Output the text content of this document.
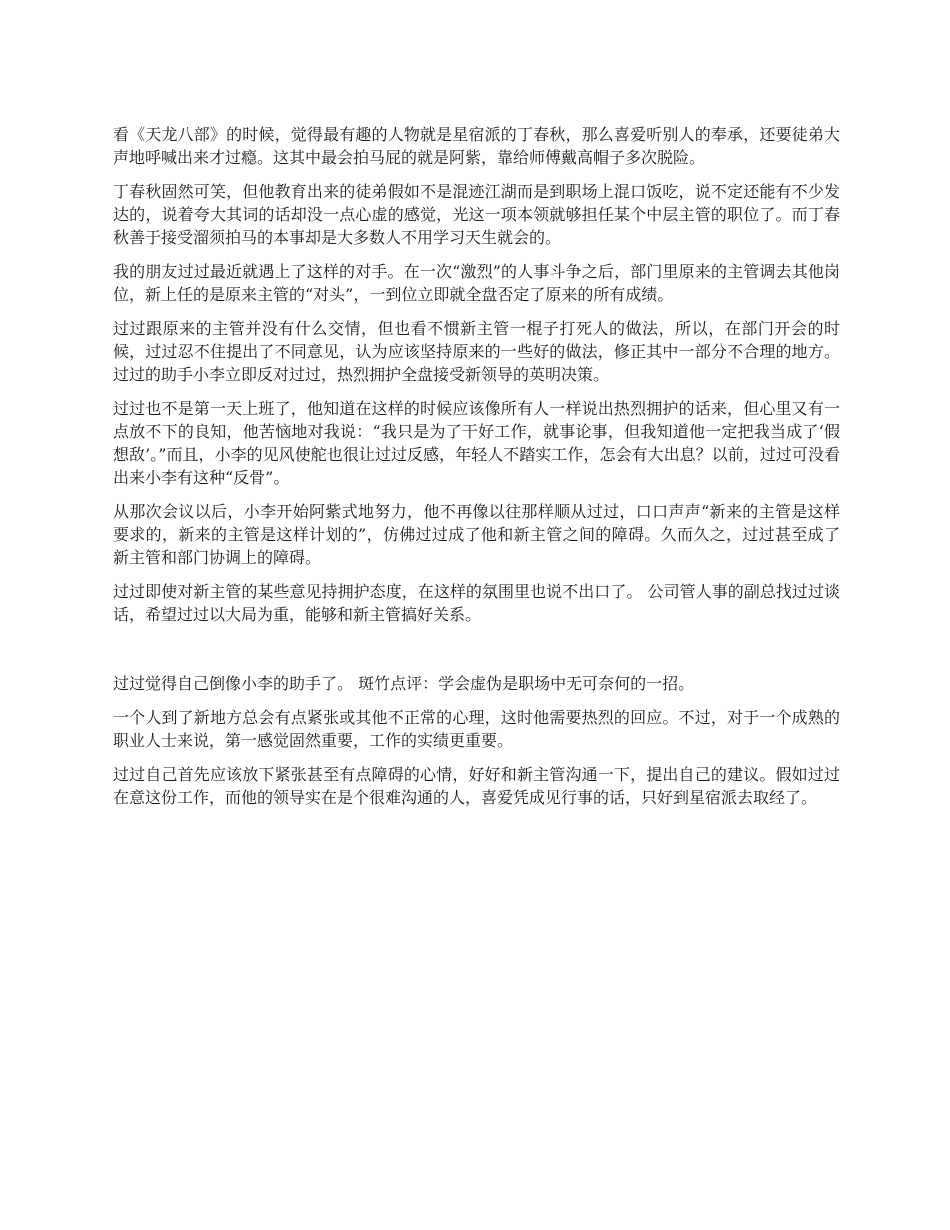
看《天龙八部》的时候，觉得最有趣的人物就是星宿派的丁春秋，那么喜爱听别人的奉承，还要徒弟大声地呼喊出来才过瘾。这其中最会拍马屁的就是阿紫，靠给师傅戴高帽子多次脱险。

丁春秋固然可笑，但他教育出来的徒弟假如不是混迹江湖而是到职场上混口饭吃，说不定还能有不少发达的，说着夸大其词的话却没一点心虚的感觉，光这一项本领就够担任某个中层主管的职位了。而丁春秋善于接受溜须拍马的本事却是大多数人不用学习天生就会的。

我的朋友过过最近就遇上了这样的对手。在一次“激烈”的人事斗争之后，部门里原来的主管调去其他岗位，新上任的是原来主管的“对头”，一到位立即就全盘否定了原来的所有成绩。

过过跟原来的主管并没有什么交情，但也看不惯新主管一棍子打死人的做法，所以，在部门开会的时候，过过忍不住提出了不同意见，认为应该坚持原来的一些好的做法，修正其中一部分不合理的地方。过过的助手小李立即反对过过，热烈拥护全盘接受新领导的英明决策。

过过也不是第一天上班了，他知道在这样的时候应该像所有人一样说出热烈拥护的话来，但心里又有一点放不下的良知，他苦恼地对我说：“我只是为了干好工作，就事论事，但我知道他一定把我当成了‘假想敌’。”而且，小李的见风使舵也很让过过反感，年轻人不踏实工作，怎会有大出息？以前，过过可没看出来小李有这种“反骨”。

从那次会议以后，小李开始阿紫式地努力，他不再像以往那样顺从过过，口口声声“新来的主管是这样要求的，新来的主管是这样计划的”，仿佛过过成了他和新主管之间的障碍。久而久之，过过甚至成了新主管和部门协调上的障碍。

过过即使对新主管的某些意见持拥护态度，在这样的氛围里也说不出口了。 公司管人事的副总找过过谈话，希望过过以大局为重，能够和新主管搞好关系。

过过觉得自己倒像小李的助手了。 斑竹点评：学会虚伪是职场中无可奈何的一招。

一个人到了新地方总会有点紧张或其他不正常的心理，这时他需要热烈的回应。不过，对于一个成熟的职业人士来说，第一感觉固然重要，工作的实绩更重要。

过过自己首先应该放下紧张甚至有点障碍的心情，好好和新主管沟通一下，提出自己的建议。假如过过在意这份工作，而他的领导实在是个很难沟通的人，喜爱凭成见行事的话，只好到星宿派去取经了。
